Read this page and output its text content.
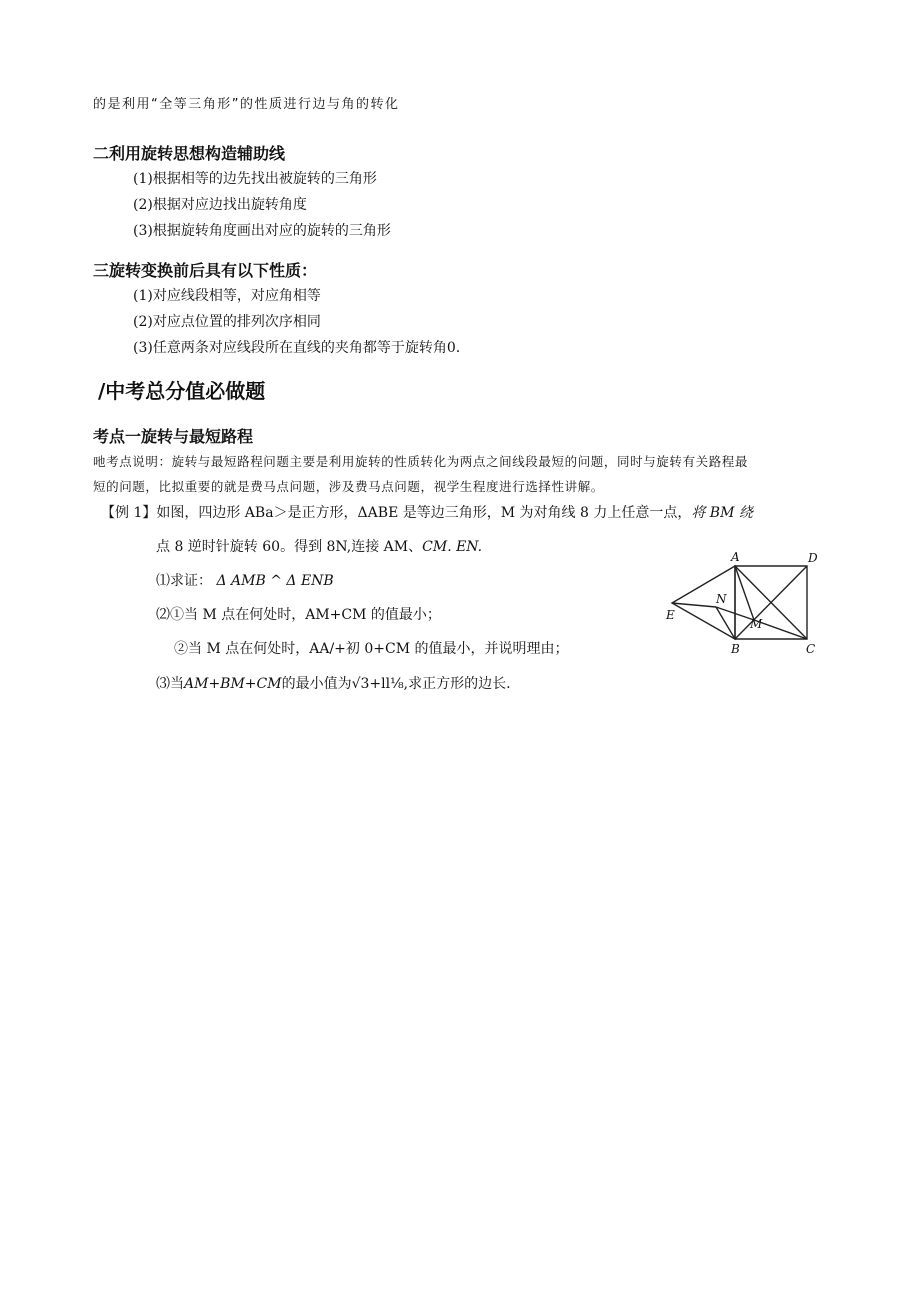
的是利用“全等三角形”的性质进行边与角的转化
二利用旋转思想构造辅助线
(1)根据相等的边先找出被旋转的三角形
(2)根据对应边找出旋转角度
(3)根据旋转角度画出对应的旋转的三角形
三旋转变换前后具有以下性质：
(1)对应线段相等，对应角相等
(2)对应点位置的排列次序相同
(3)任意两条对应线段所在直线的夹角都等于旋转角0.
/中考总分值必做题
考点一旋转与最短路程
吔考点说明：旋转与最短路程问题主要是利用旋转的性质转化为两点之间线段最短的问题，同时与旋转有关路程最
短的问题，比拟重要的就是费马点问题，涉及费马点问题，视学生程度进行选择性讲解。
【例 1】如图，四边形 ABa＞是正方形，ΔABE 是等边三角形，M 为对角线 8 力上任意一点，将 BM 绕
点 8 逆时针旋转 60。得到 8N,连接 AM、CM. EN.
⑴求证： Δ AMB ^ Δ ENB
⑵①当 M 点在何处时，AM+CM 的值最小；
②当 M 点在何处时，AA/+初 0+CM 的值最小，并说明理由；
⑶当AM+BM+CM的最小值为√3+ll⅛,求正方形的边长.
A	D
B	C
E
N
M
